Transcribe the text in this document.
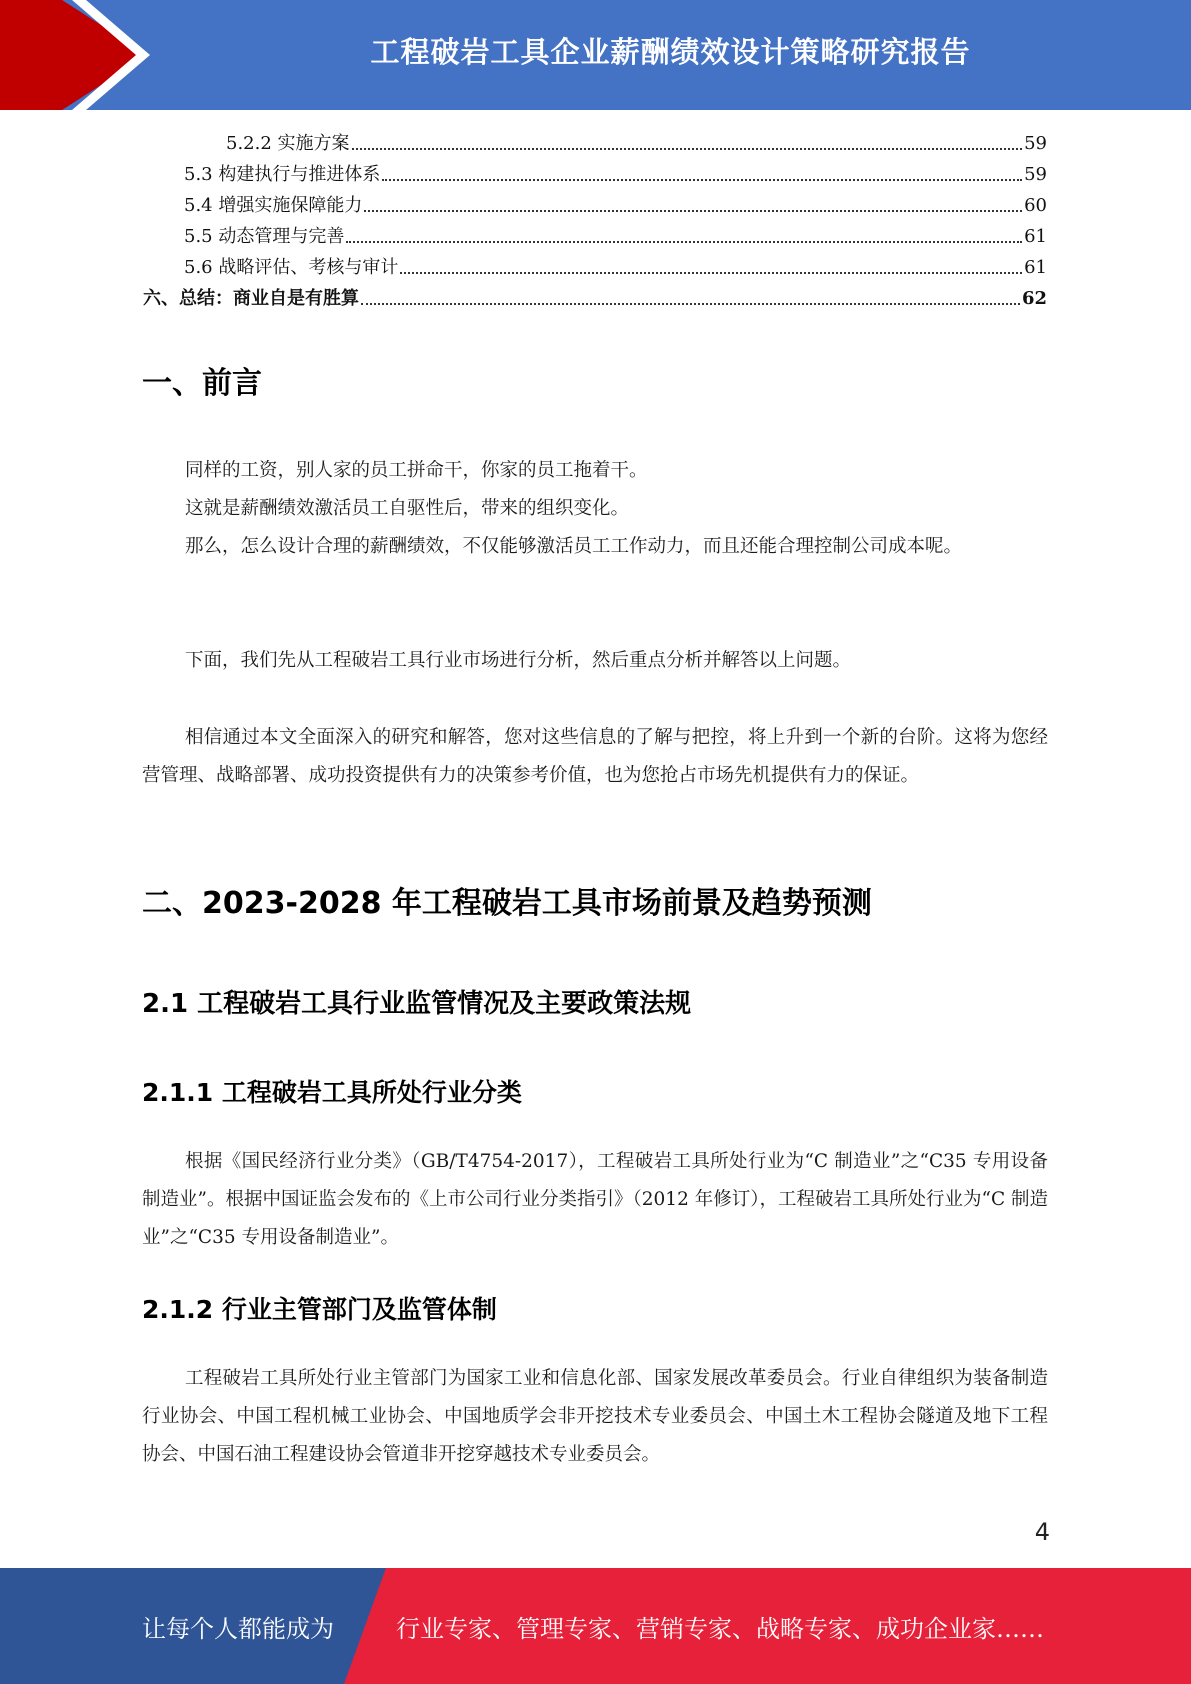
工程破岩工具企业薪酬绩效设计策略研究报告
5.2.2 实施方案	59
5.3 构建执行与推进体系	59
5.4 增强实施保障能力	60
5.5 动态管理与完善	61
5.6 战略评估、考核与审计	61
六、总结：商业自是有胜算	62
一、前言

同样的工资，别人家的员工拼命干，你家的员工拖着干。

这就是薪酬绩效激活员工自驱性后，带来的组织变化。

那么，怎么设计合理的薪酬绩效，不仅能够激活员工工作动力，而且还能合理控制公司成本呢。

下面，我们先从工程破岩工具行业市场进行分析，然后重点分析并解答以上问题。

相信通过本文全面深入的研究和解答，您对这些信息的了解与把控，将上升到一个新的台阶。这将为您经营管理、战略部署、成功投资提供有力的决策参考价值，也为您抢占市场先机提供有力的保证。

二、2023-2028 年工程破岩工具市场前景及趋势预测
2.1 工程破岩工具行业监管情况及主要政策法规
2.1.1 工程破岩工具所处行业分类

根据《国民经济行业分类》（GB/T4754-2017），工程破岩工具所处行业为“C 制造业”之“C35 专用设备制造业”。根据中国证监会发布的《上市公司行业分类指引》（2012 年修订），工程破岩工具所处行业为“C 制造业”之“C35 专用设备制造业”。

2.1.2 行业主管部门及监管体制

工程破岩工具所处行业主管部门为国家工业和信息化部、国家发展改革委员会。行业自律组织为装备制造行业协会、中国工程机械工业协会、中国地质学会非开挖技术专业委员会、中国土木工程协会隧道及地下工程协会、中国石油工程建设协会管道非开挖穿越技术专业委员会。

4
让每个人都能成为	行业专家、管理专家、营销专家、战略专家、成功企业家……
